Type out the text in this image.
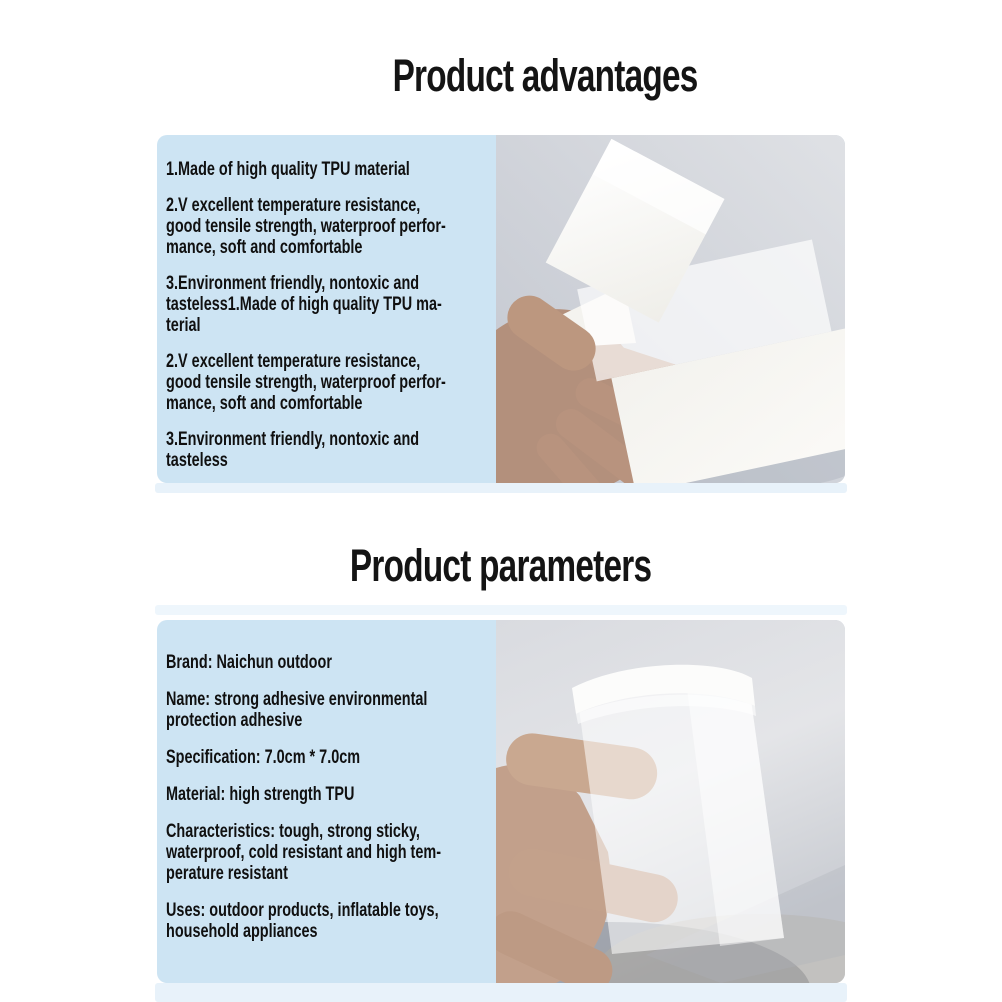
Product advantages
1.Made of high quality TPU material
2.V excellent temperature resistance,
good tensile strength, waterproof perfor-
mance, soft and comfortable
3.Environment friendly, nontoxic and
tasteless1.Made of high quality TPU ma-
terial
2.V excellent temperature resistance,
good tensile strength, waterproof perfor-
mance, soft and comfortable
3.Environment friendly, nontoxic and
tasteless
Product parameters
Brand: Naichun outdoor
Name: strong adhesive environmental
protection adhesive
Specification: 7.0cm * 7.0cm
Material: high strength TPU
Characteristics: tough, strong sticky,
waterproof, cold resistant and high tem-
perature resistant
Uses: outdoor products, inflatable toys,
household appliances
